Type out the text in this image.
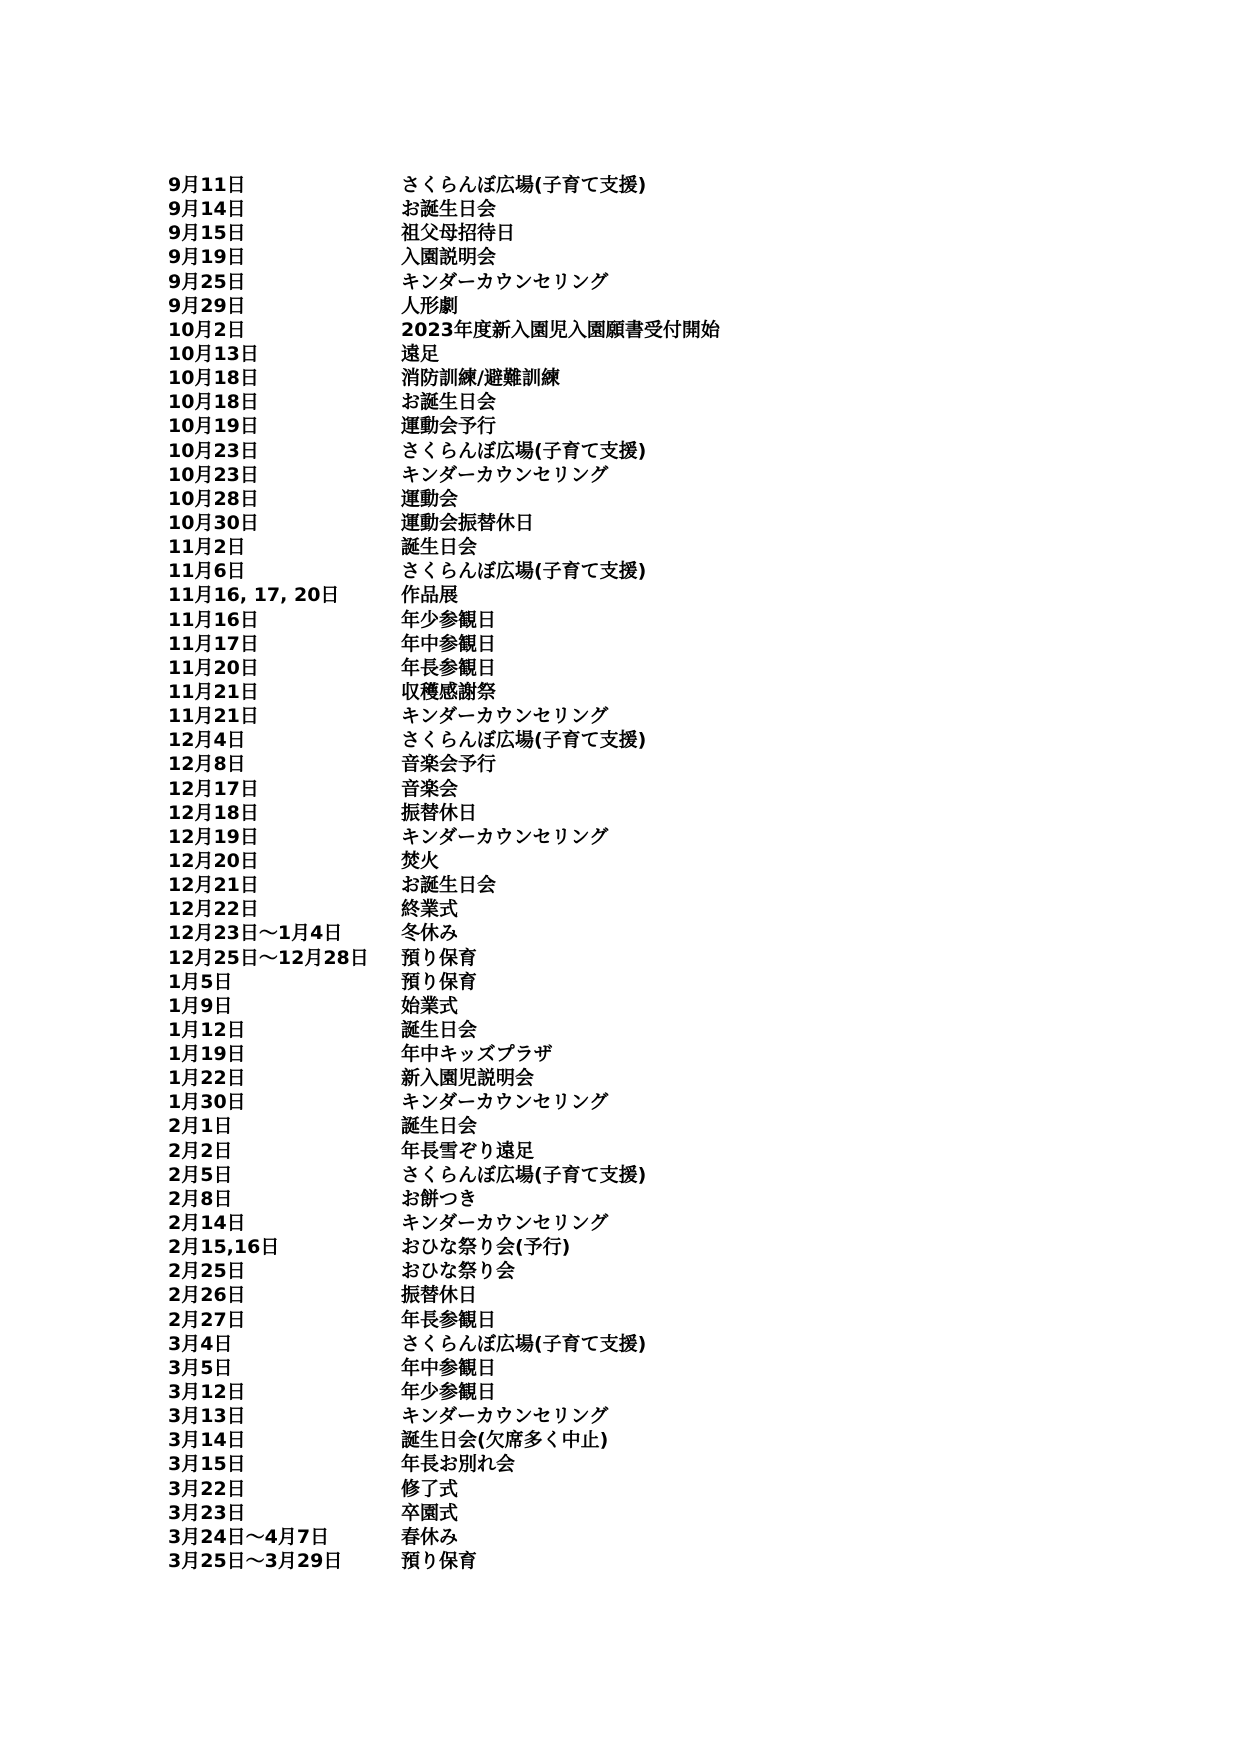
9月11日	さくらんぼ広場(子育て支援)
9月14日	お誕生日会
9月15日	祖父母招待日
9月19日	入園説明会
9月25日	キンダーカウンセリング
9月29日	人形劇
10月2日	2023年度新入園児入園願書受付開始
10月13日	遠足
10月18日	消防訓練/避難訓練
10月18日	お誕生日会
10月19日	運動会予行
10月23日	さくらんぼ広場(子育て支援)
10月23日	キンダーカウンセリング
10月28日	運動会
10月30日	運動会振替休日
11月2日	誕生日会
11月6日	さくらんぼ広場(子育て支援)
11月16, 17, 20日	作品展
11月16日	年少参観日
11月17日	年中参観日
11月20日	年長参観日
11月21日	収穫感謝祭
11月21日	キンダーカウンセリング
12月4日	さくらんぼ広場(子育て支援)
12月8日	音楽会予行
12月17日	音楽会
12月18日	振替休日
12月19日	キンダーカウンセリング
12月20日	焚火
12月21日	お誕生日会
12月22日	終業式
12月23日～1月4日	冬休み
12月25日～12月28日	預り保育
1月5日	預り保育
1月9日	始業式
1月12日	誕生日会
1月19日	年中キッズプラザ
1月22日	新入園児説明会
1月30日	キンダーカウンセリング
2月1日	誕生日会
2月2日	年長雪ぞり遠足
2月5日	さくらんぼ広場(子育て支援)
2月8日	お餅つき
2月14日	キンダーカウンセリング
2月15,16日	おひな祭り会(予行)
2月25日	おひな祭り会
2月26日	振替休日
2月27日	年長参観日
3月4日	さくらんぼ広場(子育て支援)
3月5日	年中参観日
3月12日	年少参観日
3月13日	キンダーカウンセリング
3月14日	誕生日会(欠席多く中止)
3月15日	年長お別れ会
3月22日	修了式
3月23日	卒園式
3月24日～4月7日	春休み
3月25日～3月29日	預り保育
